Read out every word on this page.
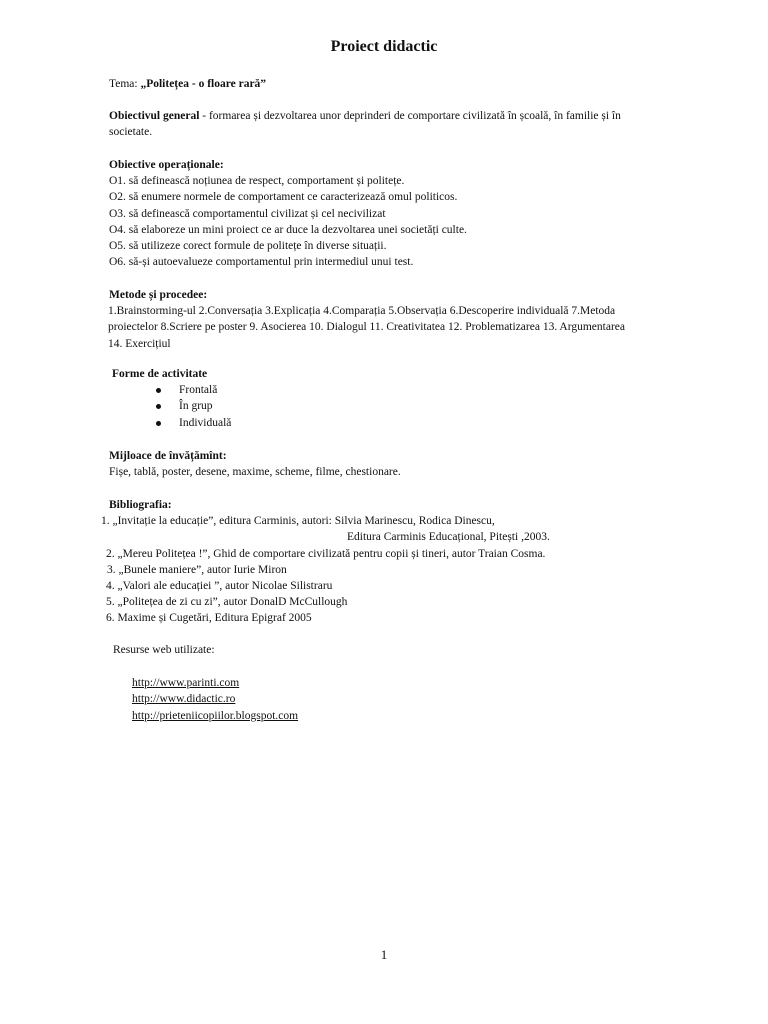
Proiect didactic
Tema: „Politețea - o floare rară”
Obiectivul general - formarea și dezvoltarea unor deprinderi de comportare civilizată în școală, în familie și în
societate.
Obiective operaționale:
O1. să definească noțiunea de respect, comportament și politețe.
O2. să enumere normele de comportament ce caracterizează omul politicos.
O3. să definească comportamentul civilizat și cel necivilizat
O4. să elaboreze un mini proiect ce ar duce la dezvoltarea unei societăți culte.
O5. să utilizeze corect formule de politețe în diverse situații.
O6. să-și autoevalueze comportamentul prin intermediul unui test.
Metode și procedee:
1.Brainstorming-ul 2.Conversația 3.Explicația 4.Comparația 5.Observația 6.Descoperire individuală 7.Metoda
proiectelor 8.Scriere pe poster 9. Asocierea 10. Dialogul 11. Creativitatea 12. Problematizarea 13. Argumentarea
14. Exercițiul
Forme de activitate
Frontală
În grup
Individuală
Mijloace de învățămînt:
Fișe, tablă, poster, desene, maxime, scheme, filme, chestionare.
Bibliografia:
1. „Invitație la educație”, editura Carminis, autori: Silvia Marinescu, Rodica Dinescu,
Editura Carminis Educațional, Pitești ,2003.
2. „Mereu Politețea !”, Ghid de comportare civilizată pentru copii și tineri, autor Traian Cosma.
3. „Bunele maniere”, autor Iurie Miron
4. „Valori ale educației ”, autor Nicolae Silistraru
5. „Politețea de zi cu zi”, autor DonalD McCullough
6. Maxime și Cugetări, Editura Epigraf 2005
Resurse web utilizate:
http://www.parinti.com
http://www.didactic.ro
http://prieteniicopiilor.blogspot.com
1
